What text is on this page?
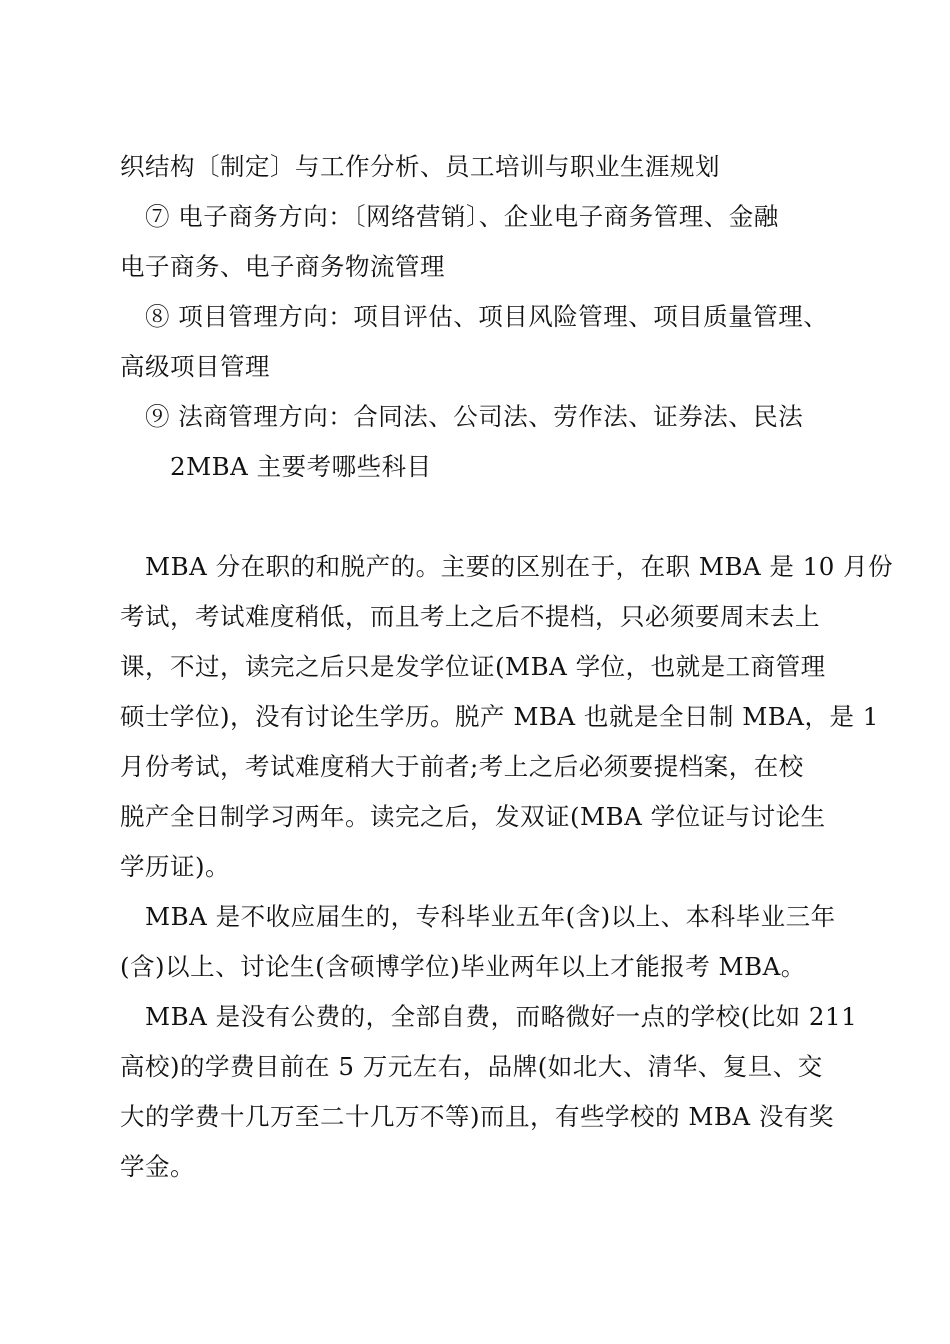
织结构〔制定〕与工作分析、员工培训与职业生涯规划
⑦ 电子商务方向：〔网络营销〕、企业电子商务管理、金融
电子商务、电子商务物流管理
⑧ 项目管理方向：项目评估、项目风险管理、项目质量管理、
高级项目管理
⑨ 法商管理方向：合同法、公司法、劳作法、证券法、民法
2MBA 主要考哪些科目
MBA 分在职的和脱产的。主要的区别在于，在职 MBA 是 10 月份
考试，考试难度稍低，而且考上之后不提档，只必须要周末去上
课，不过，读完之后只是发学位证(MBA 学位，也就是工商管理
硕士学位)，没有讨论生学历。脱产 MBA 也就是全日制 MBA，是 1
月份考试，考试难度稍大于前者;考上之后必须要提档案，在校
脱产全日制学习两年。读完之后，发双证(MBA 学位证与讨论生
学历证)。
MBA 是不收应届生的，专科毕业五年(含)以上、本科毕业三年
(含)以上、讨论生(含硕博学位)毕业两年以上才能报考 MBA。
MBA 是没有公费的，全部自费，而略微好一点的学校(比如 211
高校)的学费目前在 5 万元左右，品牌(如北大、清华、复旦、交
大的学费十几万至二十几万不等)而且，有些学校的 MBA 没有奖
学金。
